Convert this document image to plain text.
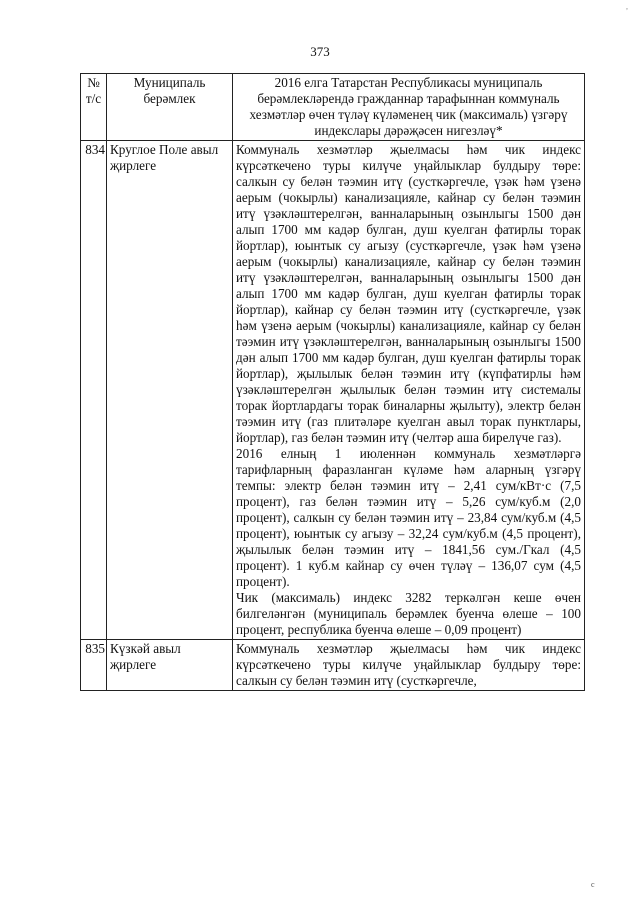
,
373
№ т/с	Муниципаль берәмлек	2016 елга Татарстан Республикасы муниципаль берәмлекләрендә гражданнар тарафыннан коммуналь хезмәтләр өчен түләү күләменең чик (максималь) үзгәрү индекслары дәрәҗәсен нигезләү*
834	Круглое Поле авыл җирлеге	Коммуналь хезмәтләр җыелмасы һәм чик индекс күрсәткечено туры килүче уңайлыклар булдыру төре: салкын су белән тәэмин итү (сусткәргечле, үзәк һәм үзенә аерым (чокырлы) канализацияле, кайнар су белән тәэмин итү үзәкләштерелгән, ванналарының озынлыгы 1500 дән алып 1700 мм кадәр булган, душ куелган фатирлы торак йортлар), юынтык су агызу (сусткәргечле, үзәк һәм үзенә аерым (чокырлы) канализацияле, кайнар су белән тәэмин итү үзәкләштерелгән, ванналарының озынлыгы 1500 дән алып 1700 мм кадәр булган, душ куелган фатирлы торак йортлар), кайнар су белән тәэмин итү (сусткәргечле, үзәк һәм үзенә аерым (чокырлы) канализацияле, кайнар су белән тәэмин итү үзәкләштерелгән, ванналарының озынлыгы 1500 дән алып 1700 мм кадәр булган, душ куелган фатирлы торак йортлар), җылылык белән тәэмин итү (күпфатирлы һәм үзәкләштерелгән җылылык белән тәэмин итү системалы торак йортлардагы торак биналарны җылыту), электр белән тәэмин итү (газ плитәләре куелган авыл торак пунктлары, йортлар), газ белән тәэмин итү (челтәр аша бирелүче газ).

2016 елның 1 июленнән коммуналь хезмәтләргә тарифларның фаразланган күләме һәм аларның үзгәрү темпы: электр белән тәэмин итү – 2,41 сум/кВт·с (7,5 процент), газ белән тәэмин итү – 5,26 сум/куб.м (2,0 процент), салкын су белән тәэмин итү – 23,84 сум/куб.м (4,5 процент), юынтык су агызу – 32,24 сум/куб.м (4,5 процент), җылылык белән тәэмин итү – 1841,56 сум./Гкал (4,5 процент). 1 куб.м кайнар су өчен түләү – 136,07 сум (4,5 процент).

Чик (максималь) индекс 3282 теркәлгән кеше өчен билгеләнгән (муниципаль берәмлек буенча өлеше – 100 процент, республика буенча өлеше – 0,09 процент)

835	Күзкәй авыл җирлеге	Коммуналь хезмәтләр җыелмасы һәм чик индекс күрсәткечено туры килүче уңайлыклар булдыру төре: салкын су белән тәэмин итү (сусткәргечле,

c
